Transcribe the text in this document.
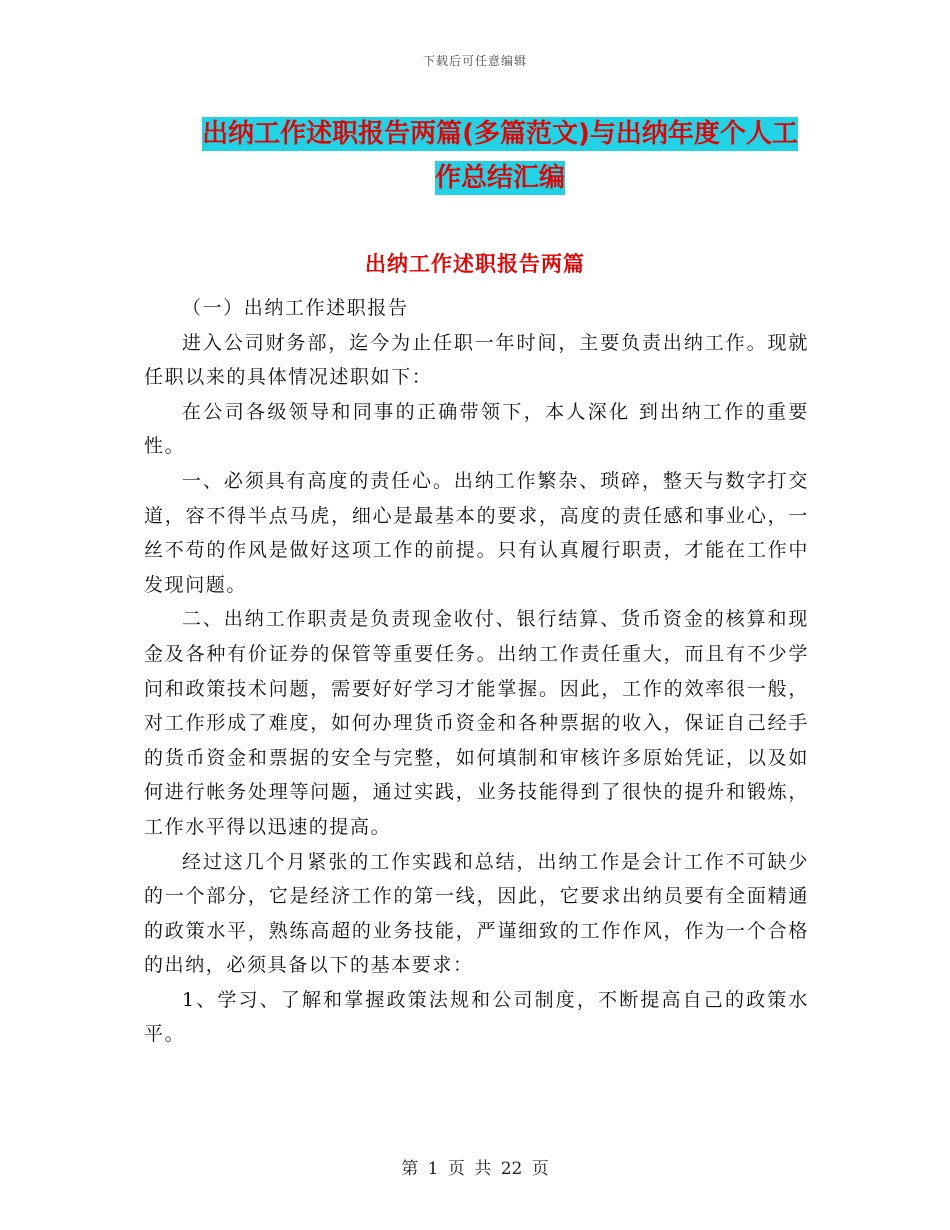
下载后可任意编辑
出纳工作述职报告两篇(多篇范文)与出纳年度个人工
作总结汇编
出纳工作述职报告两篇

（一）出纳工作述职报告

进入公司财务部，迄今为止任职一年时间，主要负责出纳工作。现就任职以来的具体情况述职如下：

在公司各级领导和同事的正确带领下，本人深化 到出纳工作的重要性。

一、必须具有高度的责任心。出纳工作繁杂、琐碎，整天与数字打交道，容不得半点马虎，细心是最基本的要求，高度的责任感和事业心，一丝不苟的作风是做好这项工作的前提。只有认真履行职责，才能在工作中发现问题。

二、出纳工作职责是负责现金收付、银行结算、货币资金的核算和现金及各种有价证券的保管等重要任务。出纳工作责任重大，而且有不少学问和政策技术问题，需要好好学习才能掌握。因此，工作的效率很一般，对工作形成了难度，如何办理货币资金和各种票据的收入，保证自己经手的货币资金和票据的安全与完整，如何填制和审核许多原始凭证，以及如何进行帐务处理等问题，通过实践，业务技能得到了很快的提升和锻炼，工作水平得以迅速的提高。

经过这几个月紧张的工作实践和总结，出纳工作是会计工作不可缺少的一个部分，它是经济工作的第一线，因此，它要求出纳员要有全面精通的政策水平，熟练高超的业务技能，严谨细致的工作作风，作为一个合格的出纳，必须具备以下的基本要求：

1、学习、了解和掌握政策法规和公司制度，不断提高自己的政策水平。

第 1 页 共 22 页
